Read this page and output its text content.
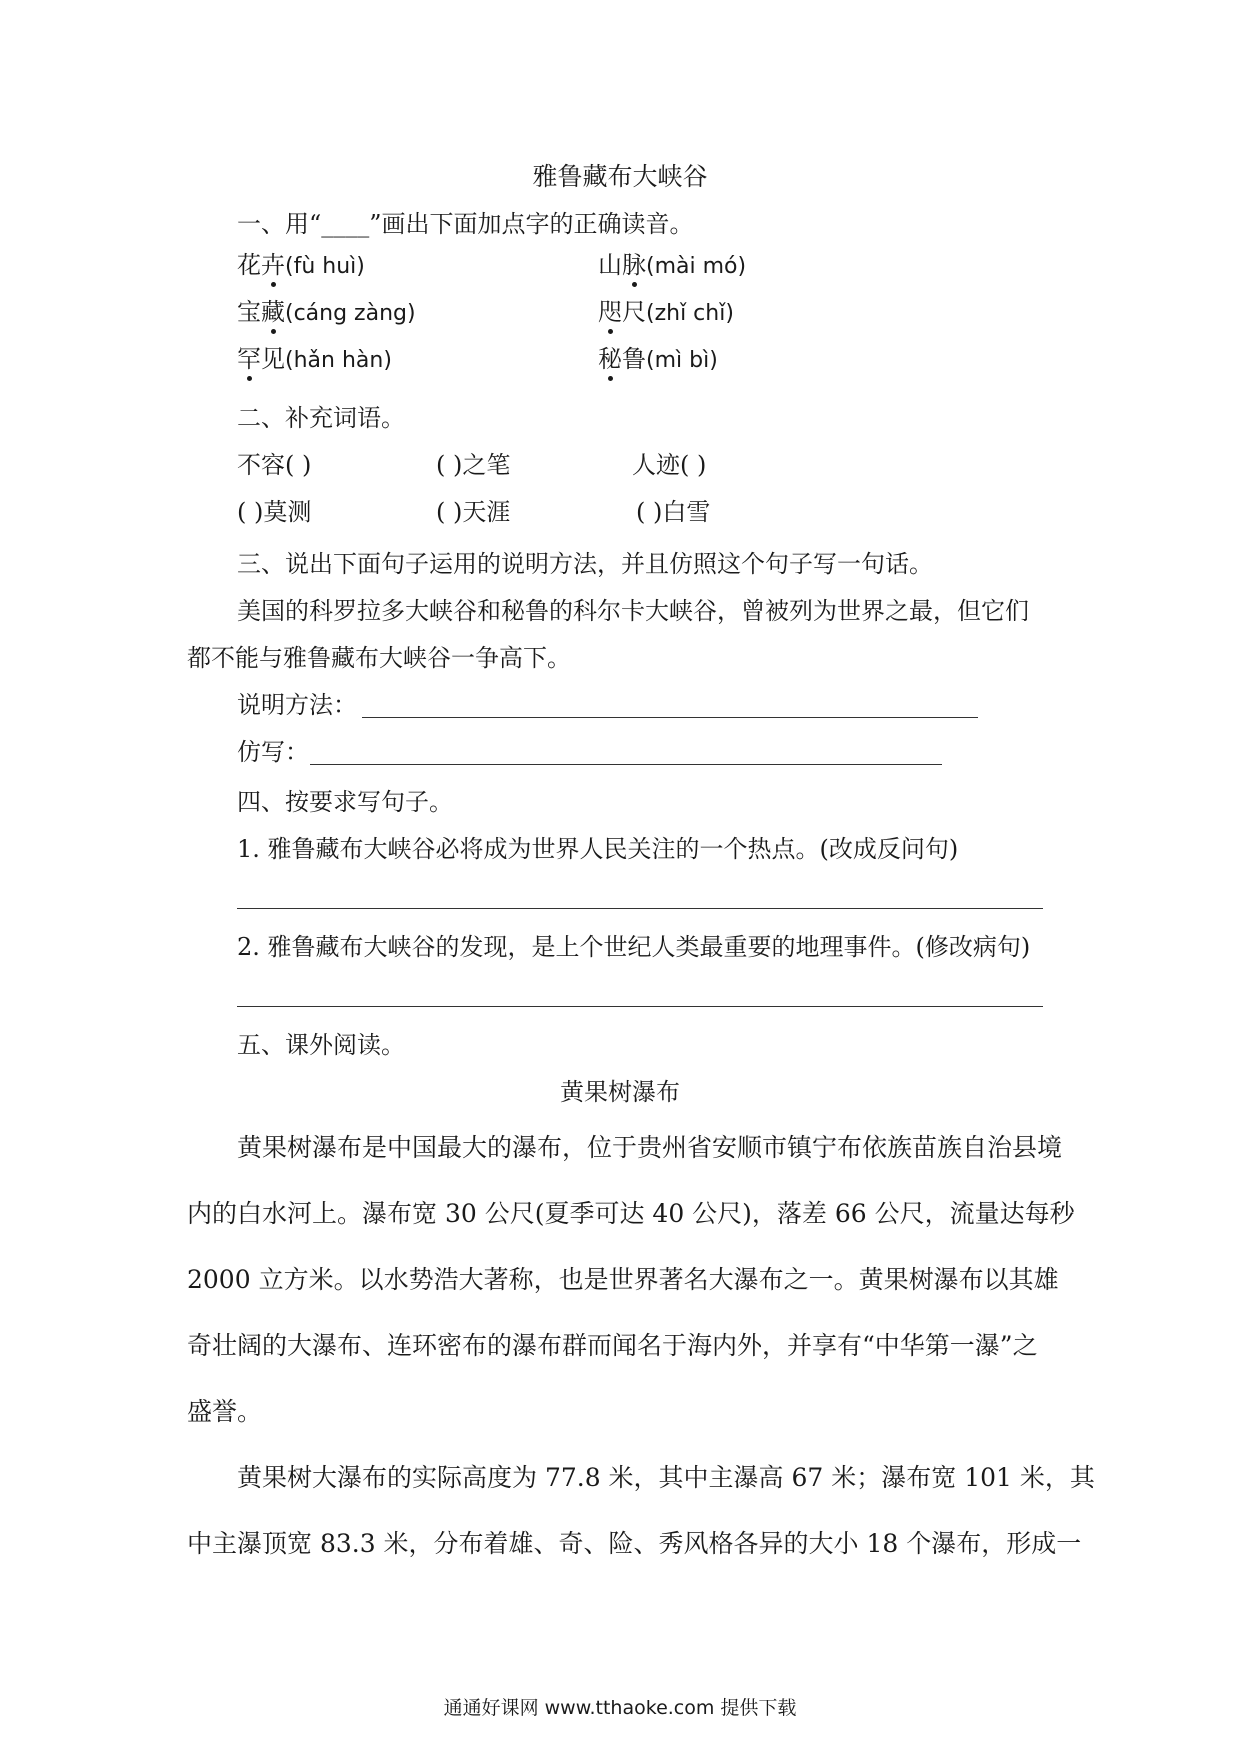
雅鲁藏布大峡谷
一、用“____”画出下面加点字的正确读音。
花卉(fù huì)	山脉(mài mó)
宝藏(cáng zàng)	咫尺(zhǐ chǐ)
罕见(hǎn hàn)	秘鲁(mì bì)
二、补充词语。
不容( )	( )之笔	人迹( )
( )莫测	( )天涯	( )白雪
三、说出下面句子运用的说明方法，并且仿照这个句子写一句话。
美国的科罗拉多大峡谷和秘鲁的科尔卡大峡谷，曾被列为世界之最，但它们
都不能与雅鲁藏布大峡谷一争高下。
说明方法：
仿写：
四、按要求写句子。
1. 雅鲁藏布大峡谷必将成为世界人民关注的一个热点。(改成反问句)
2. 雅鲁藏布大峡谷的发现，是上个世纪人类最重要的地理事件。(修改病句)
五、课外阅读。
黄果树瀑布
黄果树瀑布是中国最大的瀑布，位于贵州省安顺市镇宁布依族苗族自治县境
内的白水河上。瀑布宽 30 公尺(夏季可达 40 公尺)，落差 66 公尺，流量达每秒
2000 立方米。以水势浩大著称，也是世界著名大瀑布之一。黄果树瀑布以其雄
奇壮阔的大瀑布、连环密布的瀑布群而闻名于海内外，并享有“中华第一瀑”之
盛誉。
黄果树大瀑布的实际高度为 77.8 米，其中主瀑高 67 米；瀑布宽 101 米，其
中主瀑顶宽 83.3 米，分布着雄、奇、险、秀风格各异的大小 18 个瀑布，形成一
通通好课网 www.tthaoke.com 提供下载
